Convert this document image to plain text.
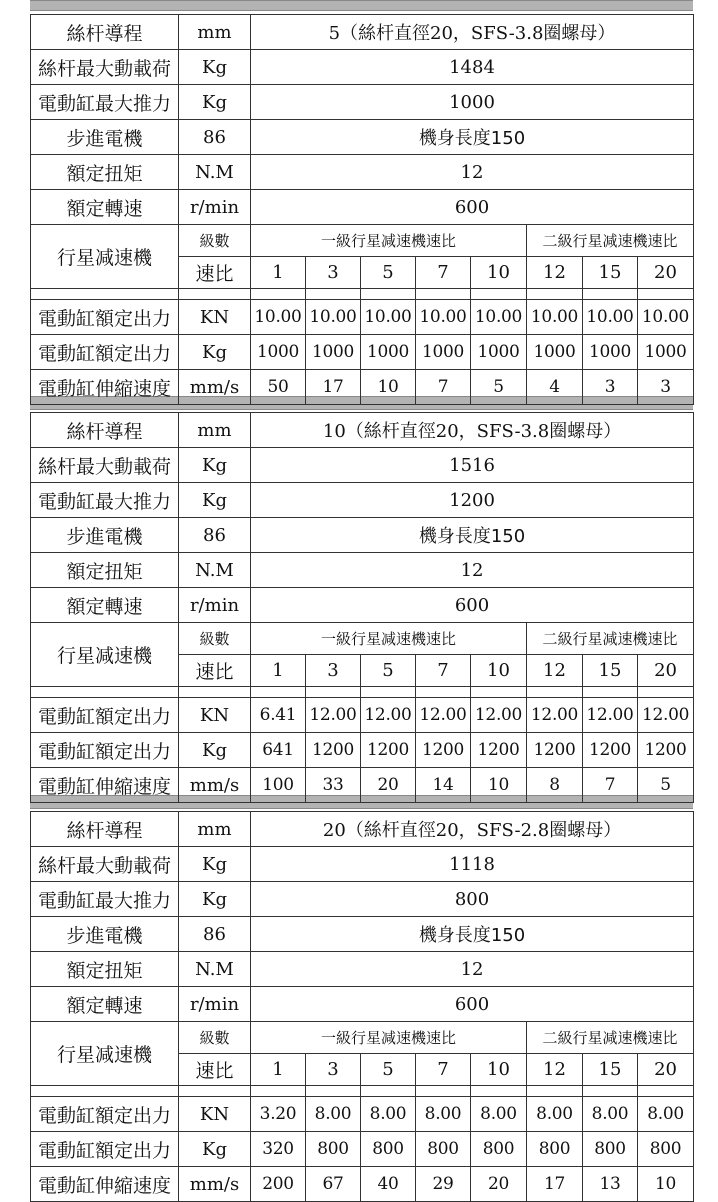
絲杆導程	mm	5（絲杆直徑20，SFS-3.8圈螺母）							
絲杆最大動載荷	Kg	1484							
電動缸最大推力	Kg	1000							
步進電機	86	機身長度150							
額定扭矩	N.M	12							
額定轉速	r/min	600							
行星减速機	級數	一級行星减速機速比					二級行星减速機速比		
	速比	1	3	5	7	10	12	15	20

電動缸額定出力	KN	10.00	10.00	10.00	10.00	10.00	10.00	10.00	10.00
電動缸額定出力	Kg	1000	1000	1000	1000	1000	1000	1000	1000
電動缸伸縮速度	mm/s	50	17	10	7	5	4	3	3
絲杆導程	mm	10（絲杆直徑20，SFS-3.8圈螺母）							
絲杆最大動載荷	Kg	1516							
電動缸最大推力	Kg	1200							
步進電機	86	機身長度150							
額定扭矩	N.M	12							
額定轉速	r/min	600							
行星减速機	級數	一級行星减速機速比					二級行星减速機速比		
	速比	1	3	5	7	10	12	15	20

電動缸額定出力	KN	6.41	12.00	12.00	12.00	12.00	12.00	12.00	12.00
電動缸額定出力	Kg	641	1200	1200	1200	1200	1200	1200	1200
電動缸伸縮速度	mm/s	100	33	20	14	10	8	7	5
絲杆導程	mm	20（絲杆直徑20，SFS-2.8圈螺母）							
絲杆最大動載荷	Kg	1118							
電動缸最大推力	Kg	800							
步進電機	86	機身長度150							
額定扭矩	N.M	12							
額定轉速	r/min	600							
行星减速機	級數	一級行星减速機速比					二級行星减速機速比		
	速比	1	3	5	7	10	12	15	20

電動缸額定出力	KN	3.20	8.00	8.00	8.00	8.00	8.00	8.00	8.00
電動缸額定出力	Kg	320	800	800	800	800	800	800	800
電動缸伸縮速度	mm/s	200	67	40	29	20	17	13	10
